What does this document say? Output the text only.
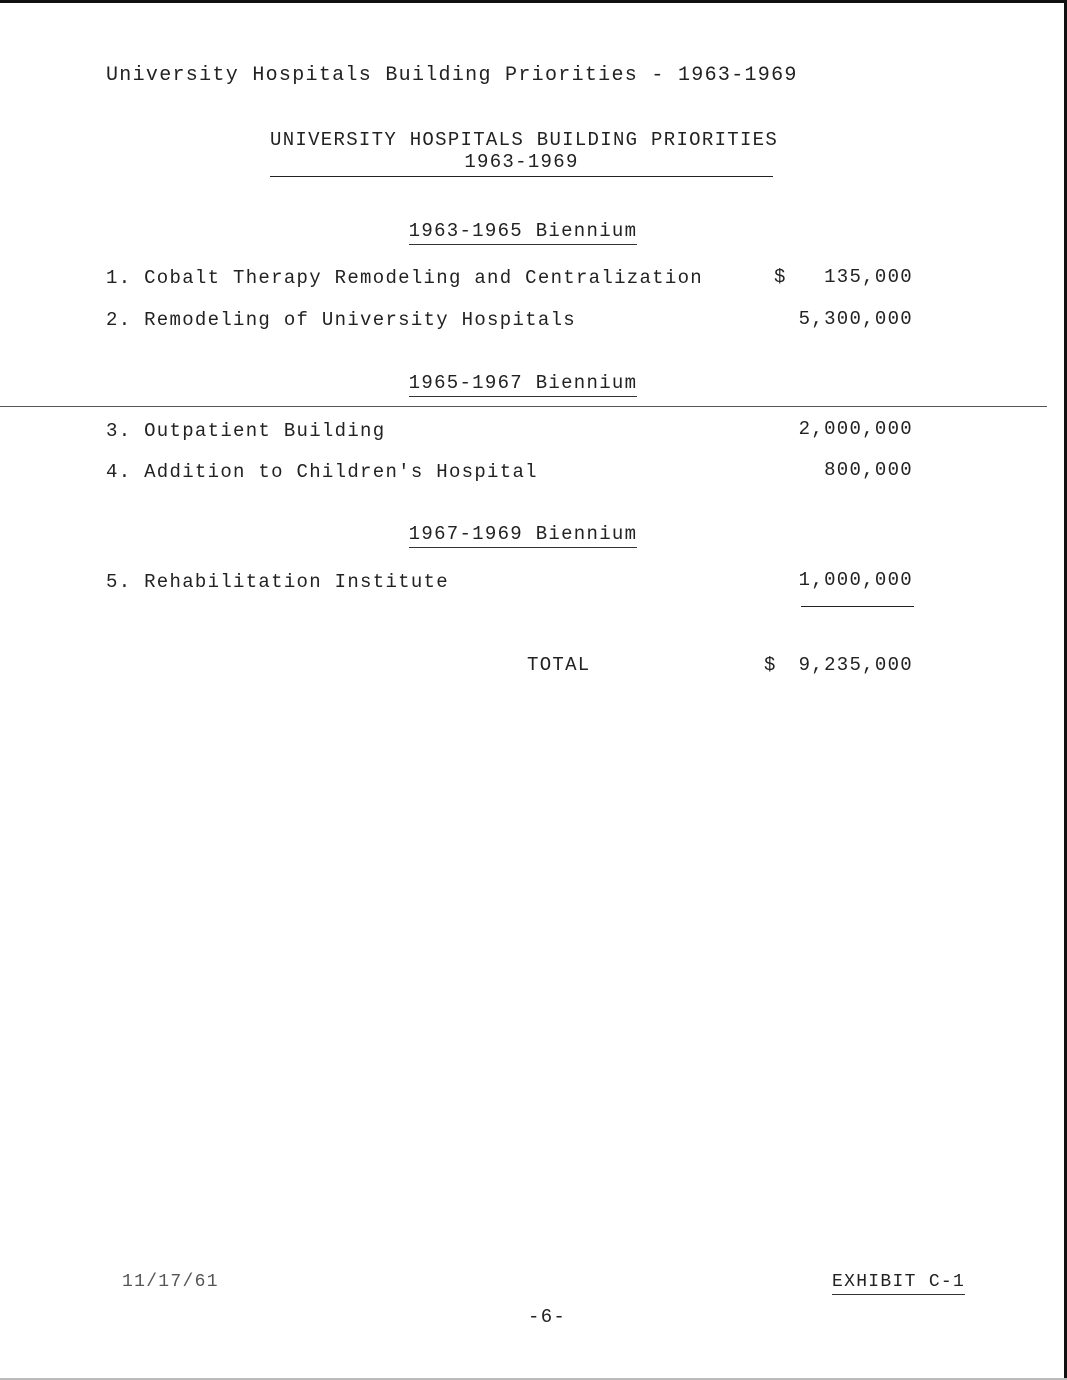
University Hospitals Building Priorities - 1963-1969
UNIVERSITY HOSPITALS BUILDING PRIORITIES
1963-1969
1963-1965 Biennium
1. Cobalt Therapy Remodeling and Centralization	$	135,000
2. Remodeling of University Hospitals	5,300,000
1965-1967 Biennium
3. Outpatient Building	2,000,000
4. Addition to Children's Hospital	800,000
1967-1969 Biennium
5. Rehabilitation Institute	1,000,000
TOTAL	$	9,235,000
11/17/61	EXHIBIT C-1
-6-
